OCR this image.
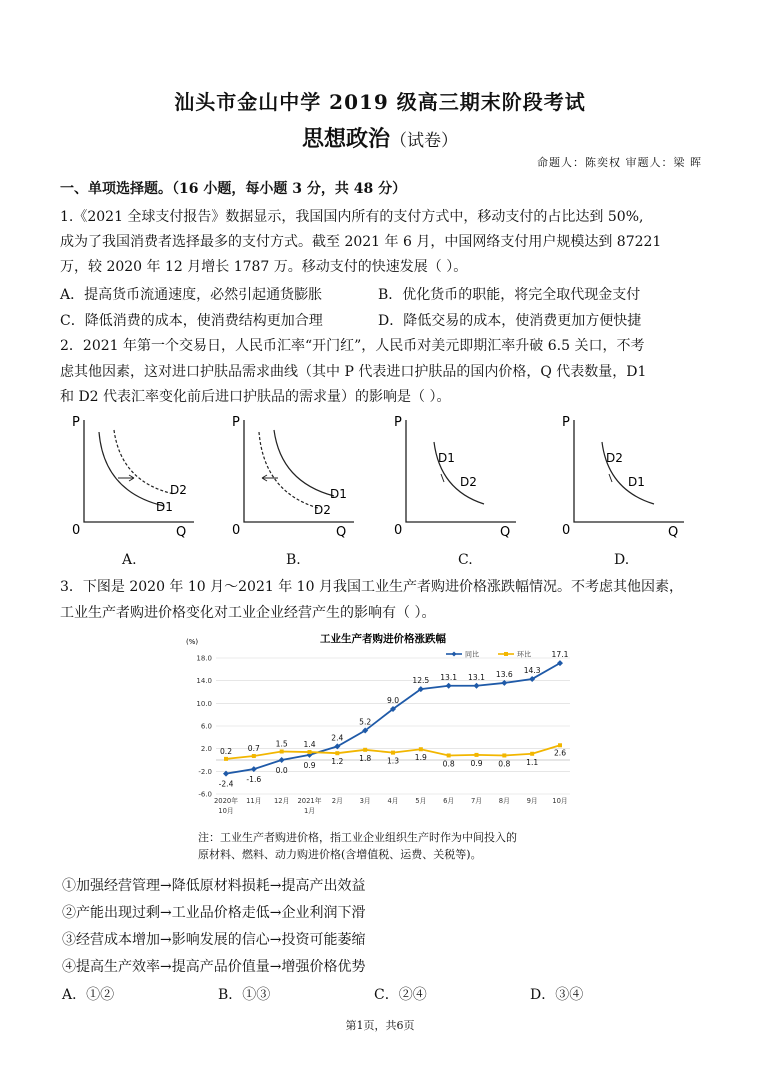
汕头市金山中学 2019 级高三期末阶段考试
思想政治（试卷）
命题人：陈奕权 审题人：梁 晖
一、单项选择题。（16 小题，每小题 3 分，共 48 分）
1.《2021 全球支付报告》数据显示，我国国内所有的支付方式中，移动支付的占比达到 50%,
成为了我国消费者选择最多的支付方式。截至 2021 年 6 月，中国网络支付用户规模达到 87221
万，较 2020 年 12 月增长 1787 万。移动支付的快速发展（ ）。
A．提高货币流通速度，必然引起通货膨胀	B．优化货币的职能，将完全取代现金支付
C．降低消费的成本，使消费结构更加合理	D．降低交易的成本，使消费更加方便快捷
2．2021 年第一个交易日，人民币汇率“开门红”，人民币对美元即期汇率升破 6.5 关口，不考
虑其他因素，这对进口护肤品需求曲线（其中 P 代表进口护肤品的国内价格，Q 代表数量，D1
和 D2 代表汇率变化前后进口护肤品的需求量）的影响是（ ）。
P
0	Q
D2
D1
A.
P
0	Q
D1
D2
B.
P
0	Q
D1
D2
C.
P
0	Q
D2
D1
D.
3．下图是 2020 年 10 月～2021 年 10 月我国工业生产者购进价格涨跌幅情况。不考虑其他因素，
工业生产者购进价格变化对工业企业经营产生的影响有（ ）。
工业生产者购进价格涨跌幅
(%)
同比	环比
18.0
14.0
10.0
6.0
2.0
-2.0
-6.0
2020年
10月
11月 12月 2021年
1月
2月 3月 4月 5月 6月 7月 8月 9月 10月
-2.4
-1.6
0.0
0.9
2.4
5.2
9.0
12.5 13.1 13.1 13.6 14.3
17.1
0.2 0.7
1.5 1.4
1.2 1.8 1.3 1.9
0.8 0.9 0.8 1.1
2.6
注：工业生产者购进价格，指工业企业组织生产时作为中间投入的
原材料、燃料、动力购进价格(含增值税、运费、关税等)。
①加强经营管理→降低原材料损耗→提高产出效益
②产能出现过剩→工业品价格走低→企业利润下滑
③经营成本增加→影响发展的信心→投资可能萎缩
④提高生产效率→提高产品价值量→增强价格优势
A．①②	B．①③	C．②④	D．③④
第1页，共6页
